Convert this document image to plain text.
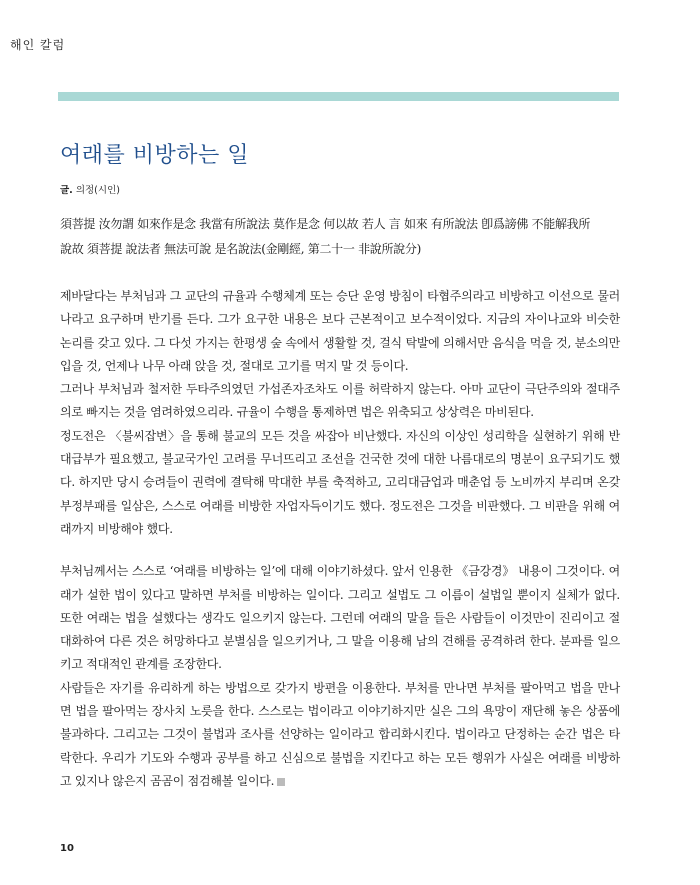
해인 칼럼
여래를 비방하는 일
글. 의정(시인)
須菩提 汝勿謂 如來作是念 我當有所說法 莫作是念 何以故 若人 言 如來 有所說法 卽爲謗佛 不能解我所
說故 須菩提 說法者 無法可說 是名說法(金剛經, 第二十一 非說所說分)

제바달다는 부처님과 그 교단의 규율과 수행체계 또는 승단 운영 방침이 타협주의라고 비방하고 이선으로 물러나라고 요구하며 반기를 든다. 그가 요구한 내용은 보다 근본적이고 보수적이었다. 지금의 자이나교와 비슷한 논리를 갖고 있다. 그 다섯 가지는 한평생 숲 속에서 생활할 것, 걸식 탁발에 의해서만 음식을 먹을 것, 분소의만 입을 것, 언제나 나무 아래 앉을 것, 절대로 고기를 먹지 말 것 등이다.

그러나 부처님과 철저한 두타주의였던 가섭존자조차도 이를 허락하지 않는다. 아마 교단이 극단주의와 절대주의로 빠지는 것을 염려하였으리라. 규율이 수행을 통제하면 법은 위축되고 상상력은 마비된다.

정도전은 〈불씨잡변〉을 통해 불교의 모든 것을 싸잡아 비난했다. 자신의 이상인 성리학을 실현하기 위해 반대급부가 필요했고, 불교국가인 고려를 무너뜨리고 조선을 건국한 것에 대한 나름대로의 명분이 요구되기도 했다. 하지만 당시 승려들이 권력에 결탁해 막대한 부를 축적하고, 고리대금업과 매춘업 등 노비까지 부리며 온갖 부정부패를 일삼은, 스스로 여래를 비방한 자업자득이기도 했다. 정도전은 그것을 비판했다. 그 비판을 위해 여래까지 비방해야 했다.

부처님께서는 스스로 ‘여래를 비방하는 일’에 대해 이야기하셨다. 앞서 인용한 《금강경》 내용이 그것이다. 여래가 설한 법이 있다고 말하면 부처를 비방하는 일이다. 그리고 설법도 그 이름이 설법일 뿐이지 실체가 없다. 또한 여래는 법을 설했다는 생각도 일으키지 않는다. 그런데 여래의 말을 들은 사람들이 이것만이 진리이고 절대화하여 다른 것은 허망하다고 분별심을 일으키거나, 그 말을 이용해 남의 견해를 공격하려 한다. 분파를 일으키고 적대적인 관계를 조장한다.

사람들은 자기를 유리하게 하는 방법으로 갖가지 방편을 이용한다. 부처를 만나면 부처를 팔아먹고 법을 만나면 법을 팔아먹는 장사치 노릇을 한다. 스스로는 법이라고 이야기하지만 실은 그의 욕망이 재단해 놓은 상품에 불과하다. 그리고는 그것이 불법과 조사를 선양하는 일이라고 합리화시킨다. 법이라고 단정하는 순간 법은 타락한다. 우리가 기도와 수행과 공부를 하고 신심으로 불법을 지킨다고 하는 모든 행위가 사실은 여래를 비방하고 있지나 않은지 곰곰이 점검해볼 일이다.

10
